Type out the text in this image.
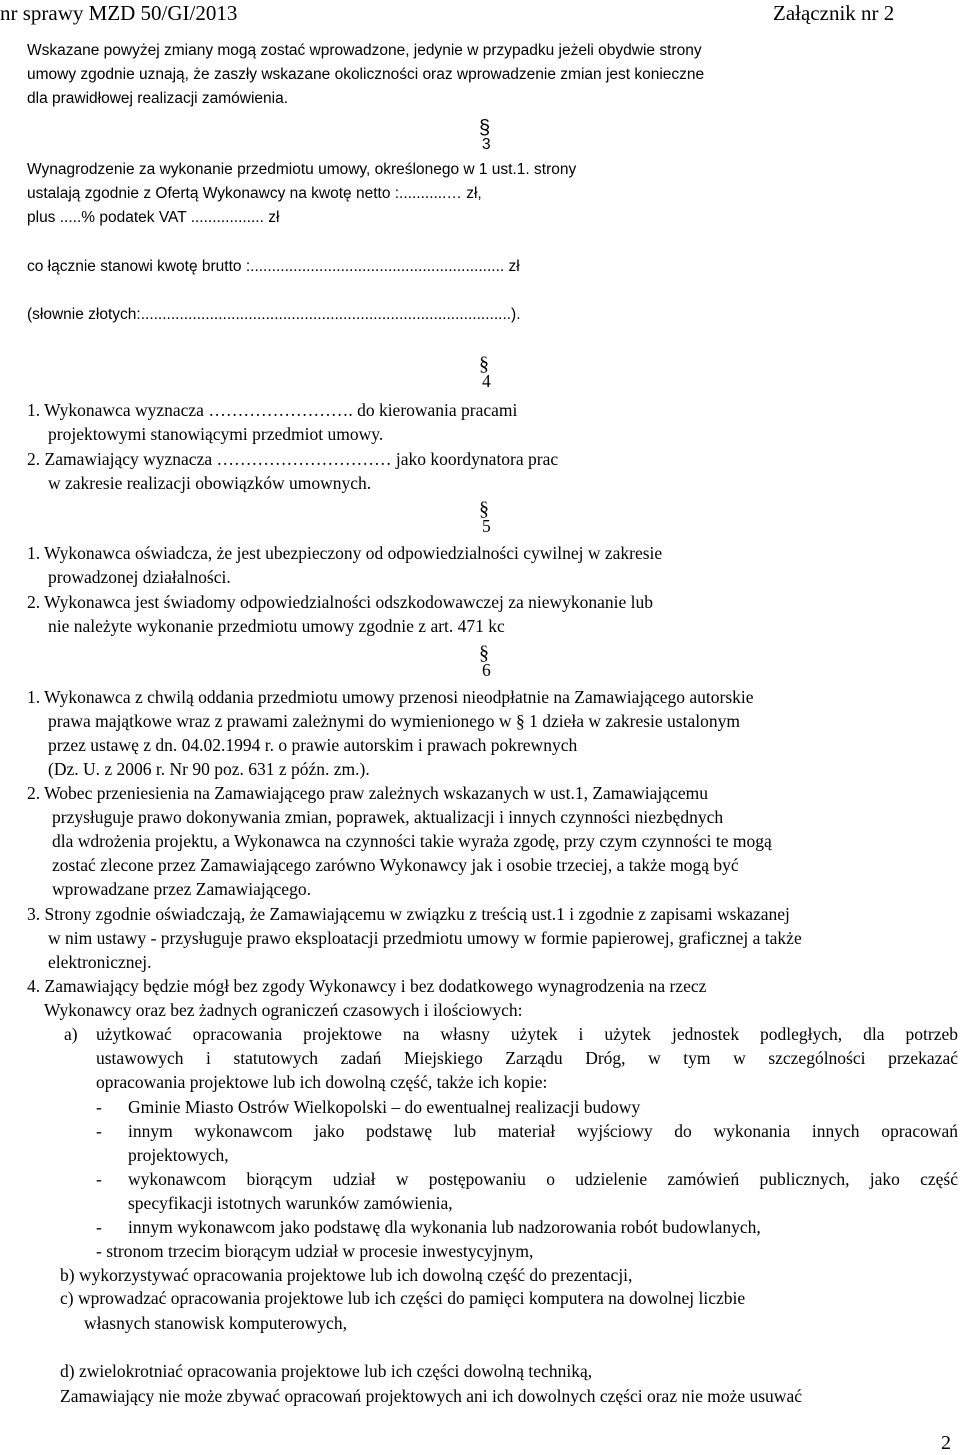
nr sprawy MZD 50/GI/2013	Załącznik nr 2
Wskazane powyżej zmiany mogą zostać wprowadzone, jedynie w przypadku jeżeli obydwie strony
umowy zgodnie uznają, że zaszły wskazane okoliczności oraz wprowadzenie zmian jest konieczne
dla prawidłowej realizacji zamówienia.
§
3
Wynagrodzenie za wykonanie przedmiotu umowy, określonego w 1 ust.1. strony
ustalają zgodnie z Ofertą Wykonawcy na kwotę netto :...........… zł,
plus .....% podatek VAT ................. zł
co łącznie stanowi kwotę brutto :........................................................... zł
(słownie złotych:......................................................................................).
§
4
1. Wykonawca wyznacza ……………………. do kierowania pracami
projektowymi stanowiącymi przedmiot umowy.
2. Zamawiający wyznacza ………………………… jako koordynatora prac
w zakresie realizacji obowiązków umownych.
§
5
1. Wykonawca oświadcza, że jest ubezpieczony od odpowiedzialności cywilnej w zakresie
prowadzonej działalności.
2. Wykonawca jest świadomy odpowiedzialności odszkodowawczej za niewykonanie lub
nie należyte wykonanie przedmiotu umowy zgodnie z art. 471 kc
§
6
1. Wykonawca z chwilą oddania przedmiotu umowy przenosi nieodpłatnie na Zamawiającego autorskie
prawa majątkowe wraz z prawami zależnymi do wymienionego w § 1 dzieła w zakresie ustalonym
przez ustawę z dn. 04.02.1994 r. o prawie autorskim i prawach pokrewnych
(Dz. U. z 2006 r. Nr 90 poz. 631 z późn. zm.).
2. Wobec przeniesienia na Zamawiającego praw zależnych wskazanych w ust.1, Zamawiającemu
przysługuje prawo dokonywania zmian, poprawek, aktualizacji i innych czynności niezbędnych
dla wdrożenia projektu, a Wykonawca na czynności takie wyraża zgodę, przy czym czynności te mogą
zostać zlecone przez Zamawiającego zarówno Wykonawcy jak i osobie trzeciej, a także mogą być
wprowadzane przez Zamawiającego.
3. Strony zgodnie oświadczają, że Zamawiającemu w związku z treścią ust.1 i zgodnie z zapisami wskazanej
w nim ustawy - przysługuje prawo eksploatacji przedmiotu umowy w formie papierowej, graficznej a także
elektronicznej.
4. Zamawiający będzie mógł bez zgody Wykonawcy i bez dodatkowego wynagrodzenia na rzecz
Wykonawcy oraz bez żadnych ograniczeń czasowych i ilościowych:
a) użytkować opracowania projektowe na własny użytek i użytek jednostek podległych, dla potrzeb
ustawowych i statutowych zadań Miejskiego Zarządu Dróg, w tym w szczególności przekazać
opracowania projektowe lub ich dowolną część, także ich kopie:
- Gminie Miasto Ostrów Wielkopolski – do ewentualnej realizacji budowy
- innym wykonawcom jako podstawę lub materiał wyjściowy do wykonania innych opracowań
projektowych,
- wykonawcom biorącym udział w postępowaniu o udzielenie zamówień publicznych, jako część
specyfikacji istotnych warunków zamówienia,
- innym wykonawcom jako podstawę dla wykonania lub nadzorowania robót budowlanych,
- stronom trzecim biorącym udział w procesie inwestycyjnym,
b) wykorzystywać opracowania projektowe lub ich dowolną część do prezentacji,
c) wprowadzać opracowania projektowe lub ich części do pamięci komputera na dowolnej liczbie
własnych stanowisk komputerowych,
d) zwielokrotniać opracowania projektowe lub ich części dowolną techniką,
Zamawiający nie może zbywać opracowań projektowych ani ich dowolnych części oraz nie może usuwać
2
